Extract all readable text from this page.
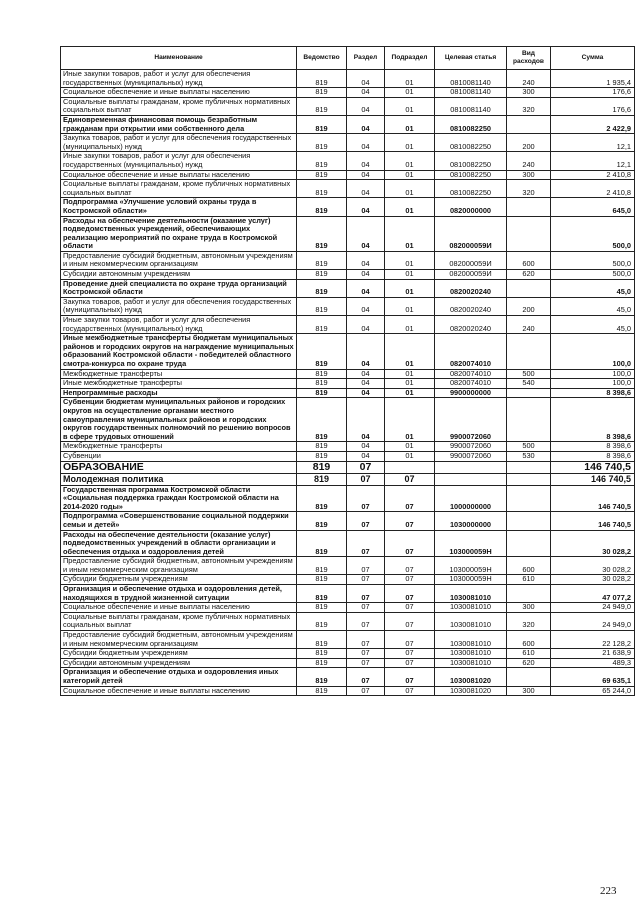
Наименование	Ведомство	Раздел	Подраздел	Целевая статья	Вид расходов	Сумма
Иные закупки товаров, работ и услуг для обеспечения государственных (муниципальных) нужд	819	04	01	0810081140	240	1 935,4
Социальное обеспечение и иные выплаты населению	819	04	01	0810081140	300	176,6
Социальные выплаты гражданам, кроме публичных нормативных социальных выплат	819	04	01	0810081140	320	176,6
Единовременная финансовая помощь безработным гражданам при открытии ими собственного дела	819	04	01	0810082250		2 422,9
Закупка товаров, работ и услуг для обеспечения государственных (муниципальных) нужд	819	04	01	0810082250	200	12,1
Иные закупки товаров, работ и услуг для обеспечения государственных (муниципальных) нужд	819	04	01	0810082250	240	12,1
Социальное обеспечение и иные выплаты населению	819	04	01	0810082250	300	2 410,8
Социальные выплаты гражданам, кроме публичных нормативных социальных выплат	819	04	01	0810082250	320	2 410,8
Подпрограмма «Улучшение условий охраны труда в Костромской области»	819	04	01	0820000000		645,0
Расходы на обеспечение деятельности (оказание услуг) подведомственных учреждений, обеспечивающих реализацию мероприятий по охране труда в Костромской области	819	04	01	082000059И		500,0
Предоставление субсидий бюджетным, автономным учреждениям и иным некоммерческим организациям	819	04	01	082000059И	600	500,0
Субсидии автономным учреждениям	819	04	01	082000059И	620	500,0
Проведение дней специалиста по охране труда организаций Костромской области	819	04	01	0820020240		45,0
Закупка товаров, работ и услуг для обеспечения государственных (муниципальных) нужд	819	04	01	0820020240	200	45,0
Иные закупки товаров, работ и услуг для обеспечения государственных (муниципальных) нужд	819	04	01	0820020240	240	45,0
Иные межбюджетные трансферты бюджетам муниципальных районов и городских округов на награждение муниципальных образований Костромской области - победителей областного смотра-конкурса по охране труда	819	04	01	0820074010		100,0
Межбюджетные трансферты	819	04	01	0820074010	500	100,0
Иные межбюджетные трансферты	819	04	01	0820074010	540	100,0
Непрограммные расходы	819	04	01	9900000000		8 398,6
Субвенции бюджетам муниципальных районов и городских округов на осуществление органами местного самоуправления муниципальных районов и городских округов государственных полномочий по решению вопросов в сфере трудовых отношений	819	04	01	9900072060		8 398,6
Межбюджетные трансферты	819	04	01	9900072060	500	8 398,6
Субвенции	819	04	01	9900072060	530	8 398,6
ОБРАЗОВАНИЕ	819	07				146 740,5
Молодежная политика	819	07	07			146 740,5
Государственная программа Костромской области «Социальная поддержка граждан Костромской области на 2014-2020 годы»	819	07	07	1000000000		146 740,5
Подпрограмма «Совершенствование социальной поддержки семьи и детей»	819	07	07	1030000000		146 740,5
Расходы на обеспечение деятельности (оказание услуг) подведомственных учреждений в области организации и обеспечения отдыха и оздоровления детей	819	07	07	103000059Н		30 028,2
Предоставление субсидий бюджетным, автономным учреждениям и иным некоммерческим организациям	819	07	07	103000059Н	600	30 028,2
Субсидии бюджетным учреждениям	819	07	07	103000059Н	610	30 028,2
Организация и обеспечение отдыха и оздоровления детей, находящихся в трудной жизненной ситуации	819	07	07	1030081010		47 077,2
Социальное обеспечение и иные выплаты населению	819	07	07	1030081010	300	24 949,0
Социальные выплаты гражданам, кроме публичных нормативных социальных выплат	819	07	07	1030081010	320	24 949,0
Предоставление субсидий бюджетным, автономным учреждениям и иным некоммерческим организациям	819	07	07	1030081010	600	22 128,2
Субсидии бюджетным учреждениям	819	07	07	1030081010	610	21 638,9
Субсидии автономным учреждениям	819	07	07	1030081010	620	489,3
Организация и обеспечение отдыха и оздоровления иных категорий детей	819	07	07	1030081020		69 635,1
Социальное обеспечение и иные выплаты населению	819	07	07	1030081020	300	65 244,0
223
